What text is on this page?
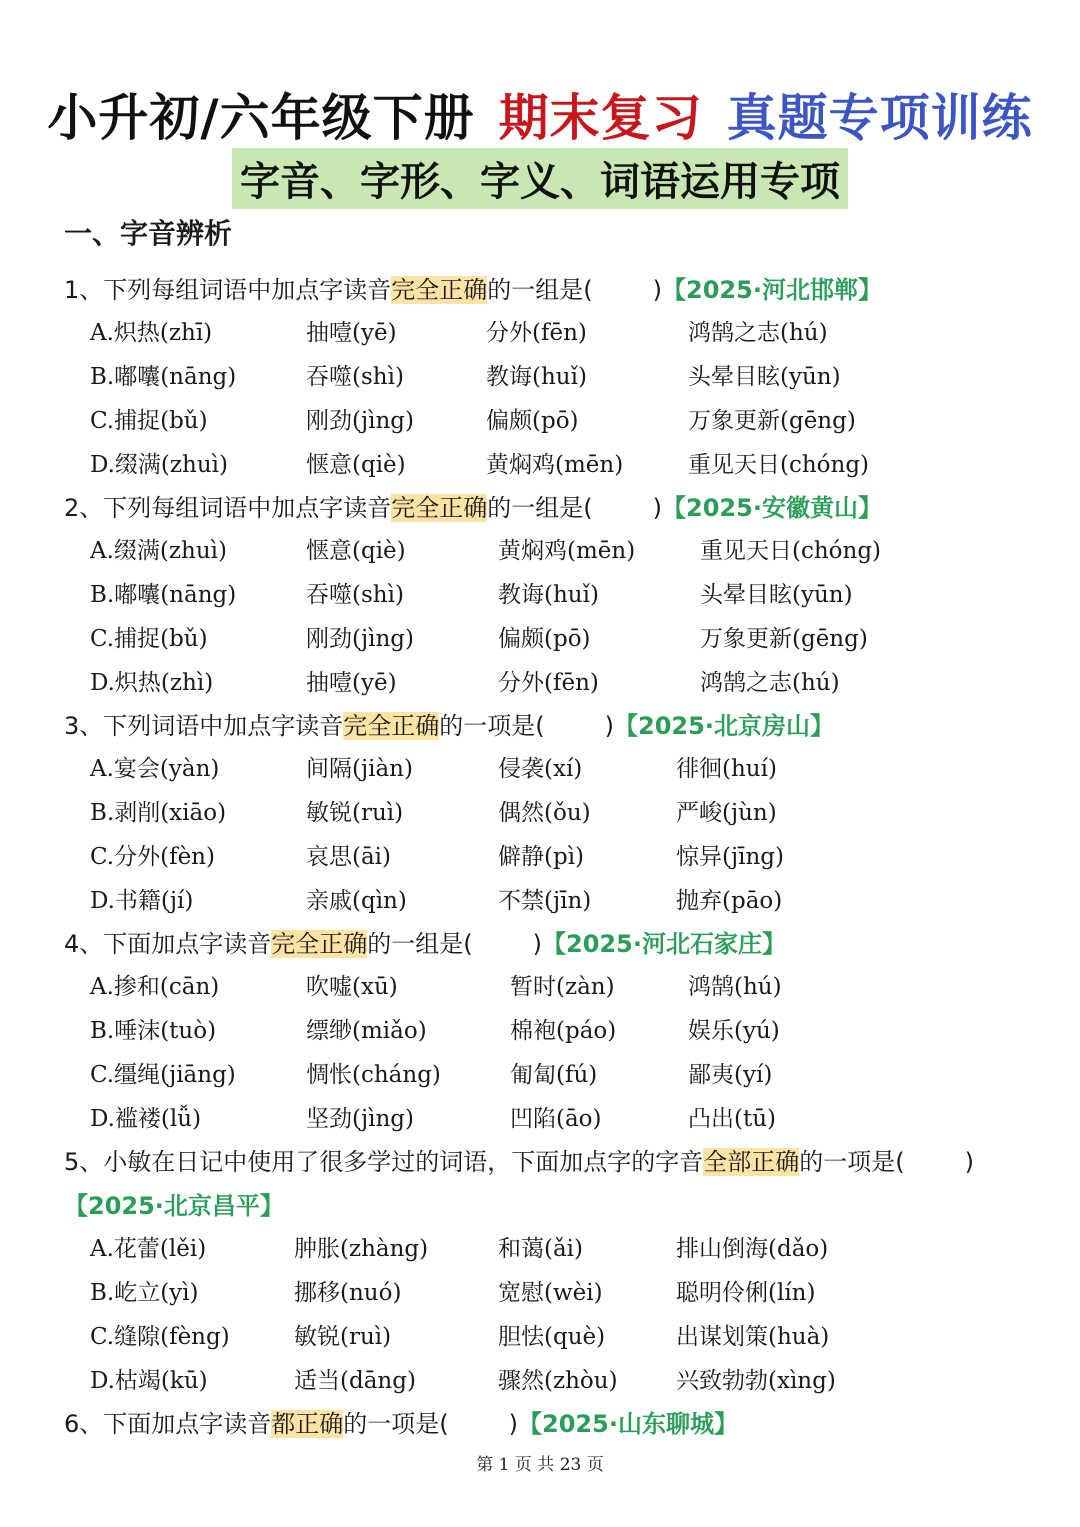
小升初/六年级下册 期末复习 真题专项训练
字音、字形、字义、词语运用专项
一、字音辨析
1、下列每组词语中加点字读音完全正确的一组是(	)【2025·河北邯郸】
A.炽热(zhī)	抽噎(yē)	分外(fēn)	鸿鹄之志(hú)
B.嘟囔(nāng)	吞噬(shì)	教诲(huǐ)	头晕目眩(yūn)
C.捕捉(bǔ)	刚劲(jìng)	偏颇(pō)	万象更新(gēng)
D.缀满(zhuì)	惬意(qiè)	黄焖鸡(mēn)	重见天日(chóng)
2、下列每组词语中加点字读音完全正确的一组是(	)【2025·安徽黄山】
A.缀满(zhuì)	惬意(qiè)	黄焖鸡(mēn)	重见天日(chóng)
B.嘟囔(nāng)	吞噬(shì)	教诲(huǐ)	头晕目眩(yūn)
C.捕捉(bǔ)	刚劲(jìng)	偏颇(pō)	万象更新(gēng)
D.炽热(zhì)	抽噎(yē)	分外(fēn)	鸿鹄之志(hú)
3、下列词语中加点字读音完全正确的一项是(	)【2025·北京房山】
A.宴会(yàn)	间隔(jiàn)	侵袭(xí)	徘徊(huí)
B.剥削(xiāo)	敏锐(ruì)	偶然(ǒu)	严峻(jùn)
C.分外(fèn)	哀思(āi)	僻静(pì)	惊异(jīng)
D.书籍(jí)	亲戚(qìn)	不禁(jīn)	抛弃(pāo)
4、下面加点字读音完全正确的一组是(	)【2025·河北石家庄】
A.掺和(cān)	吹嘘(xū)	暂时(zàn)	鸿鹄(hú)
B.唾沫(tuò)	缥缈(miǎo)	棉袍(páo)	娱乐(yú)
C.缰绳(jiāng)	惆怅(cháng)	匍匐(fú)	鄙夷(yí)
D.褴褛(lǚ)	坚劲(jìng)	凹陷(āo)	凸出(tū)
5、小敏在日记中使用了很多学过的词语，下面加点字的字音全部正确的一项是(	)
【2025·北京昌平】
A.花蕾(lěi)	肿胀(zhàng)	和蔼(ǎi)	排山倒海(dǎo)
B.屹立(yì)	挪移(nuó)	宽慰(wèi)	聪明伶俐(lín)
C.缝隙(fèng)	敏锐(ruì)	胆怯(què)	出谋划策(huà)
D.枯竭(kū)	适当(dāng)	骤然(zhòu)	兴致勃勃(xìng)
6、下面加点字读音都正确的一项是(	)【2025·山东聊城】
第 1 页 共 23 页
